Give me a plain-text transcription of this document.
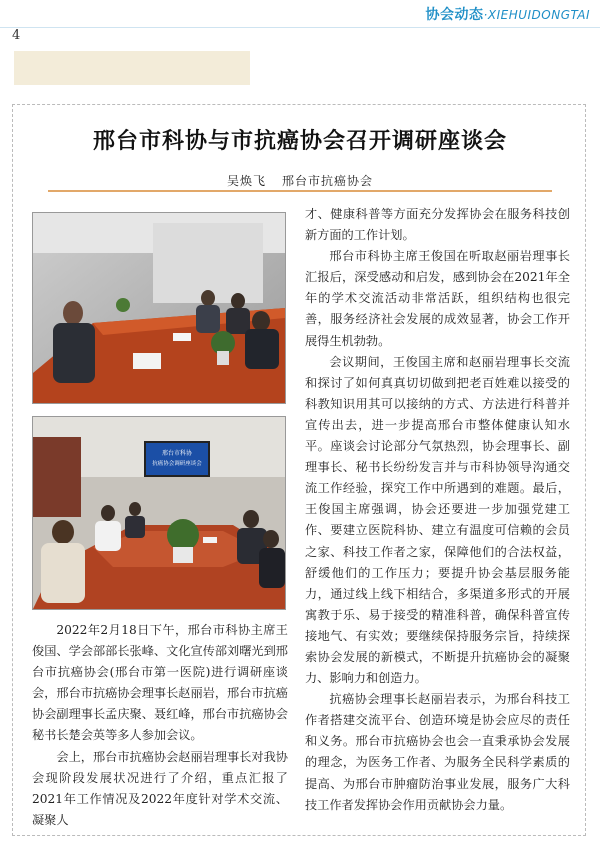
4
协会动态·XIEHUIDONGTAI
邢台市科协与市抗癌协会召开调研座谈会
吴焕飞 邢台市抗癌协会
邢台市科协
抗癌协会调研座谈会

2022年2月18日下午，邢台市科协主席王俊国、学会部部长张峰、文化宣传部刘曙光到邢台市抗癌协会(邢台市第一医院)进行调研座谈会，邢台市抗癌协会理事长赵丽岩，邢台市抗癌协会副理事长孟庆聚、聂红峰，邢台市抗癌协会秘书长楚会英等多人参加会议。

会上，邢台市抗癌协会赵丽岩理事长对我协会现阶段发展状况进行了介绍，重点汇报了2021年工作情况及2022年度针对学术交流、凝聚人

才、健康科普等方面充分发挥协会在服务科技创新方面的工作计划。

邢台市科协主席王俊国在听取赵丽岩理事长汇报后，深受感动和启发，感到协会在2021年全年的学术交流活动非常活跃，组织结构也很完善，服务经济社会发展的成效显著，协会工作开展得生机勃勃。

会议期间，王俊国主席和赵丽岩理事长交流和探讨了如何真真切切做到把老百姓难以接受的科教知识用其可以接纳的方式、方法进行科普并宣传出去，进一步提高邢台市整体健康认知水平。座谈会讨论部分气氛热烈，协会理事长、副理事长、秘书长纷纷发言并与市科协领导沟通交流工作经验，探究工作中所遇到的难题。最后，王俊国主席强调，协会还要进一步加强党建工作、要建立医院科协、建立有温度可信赖的会员之家、科技工作者之家，保障他们的合法权益，舒缓他们的工作压力；要提升协会基层服务能力，通过线上线下相结合，多渠道多形式的开展寓教于乐、易于接受的精准科普，确保科普宣传接地气、有实效；要继续保持服务宗旨，持续探索协会发展的新模式，不断提升抗癌协会的凝聚力、影响力和创造力。

抗癌协会理事长赵丽岩表示，为邢台科技工作者搭建交流平台、创造环境是协会应尽的责任和义务。邢台市抗癌协会也会一直秉承协会发展的理念，为医务工作者、为服务全民科学素质的提高、为邢台市肿瘤防治事业发展，服务广大科技工作者发挥协会作用贡献协会力量。
